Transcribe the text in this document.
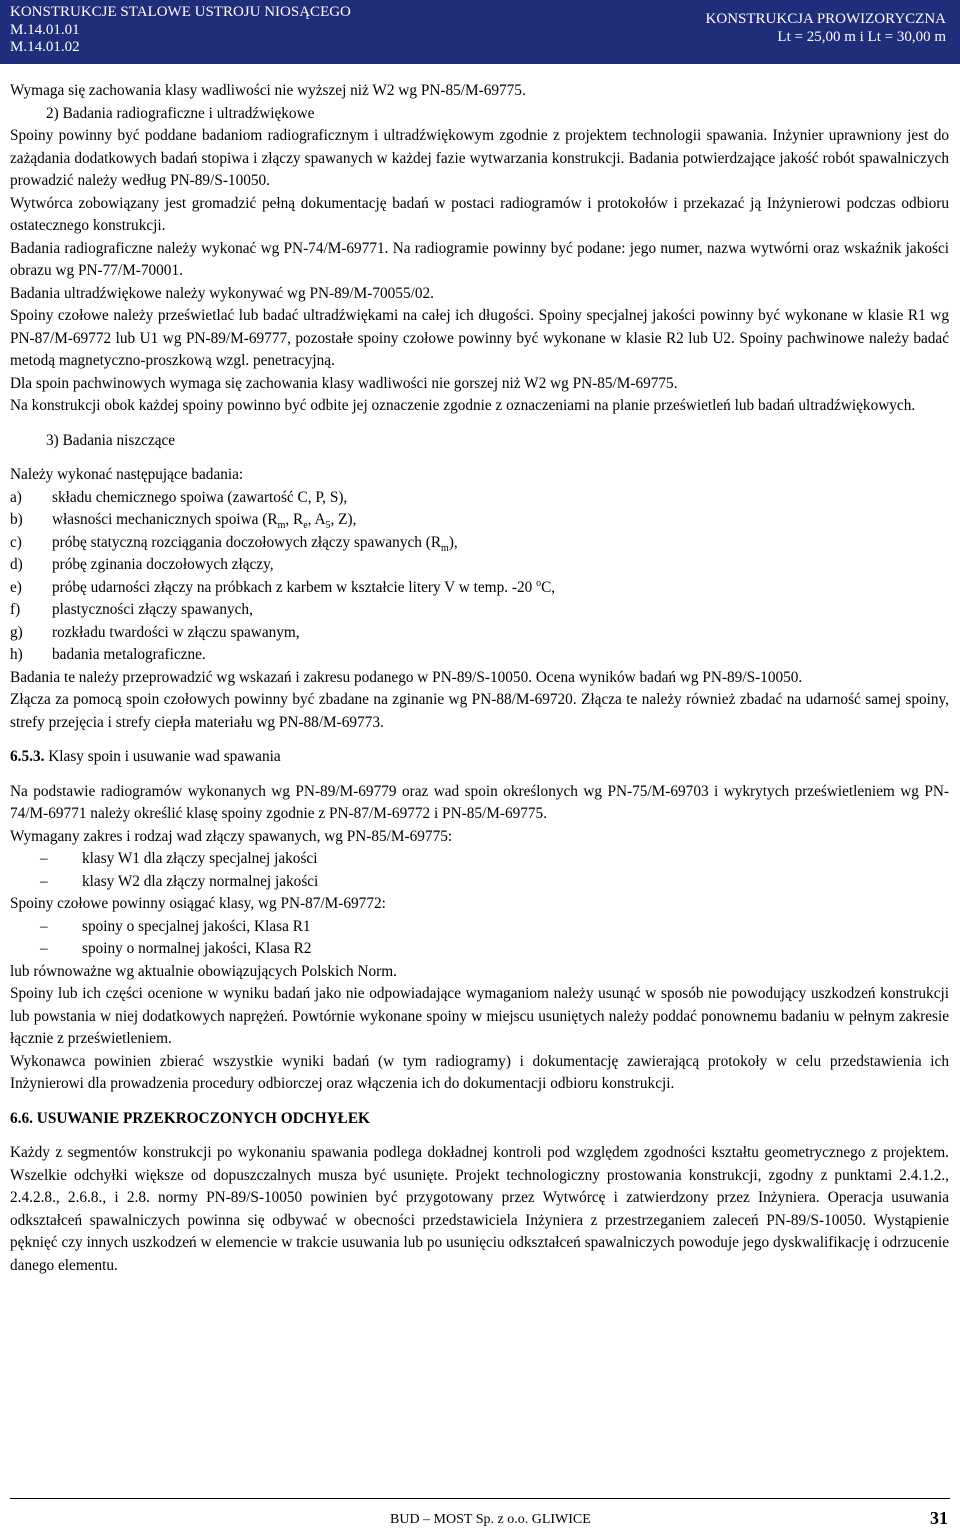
KONSTRUKCJE STALOWE USTROJU NIOSĄCEGO
M.14.01.01
M.14.01.02
KONSTRUKCJA PROWIZORYCZNA
Lt = 25,00 m i Lt = 30,00 m

Wymaga się zachowania klasy wadliwości nie wyższej niż W2 wg PN-85/M-69775.

2) Badania radiograficzne i ultradźwiękowe

Spoiny powinny być poddane badaniom radiograficznym i ultradźwiękowym zgodnie z projektem technologii spawania. Inżynier uprawniony jest do zażądania dodatkowych badań stopiwa i złączy spawanych w każdej fazie wytwarzania konstrukcji. Badania potwierdzające jakość robót spawalniczych prowadzić należy według PN-89/S-10050.

Wytwórca zobowiązany jest gromadzić pełną dokumentację badań w postaci radiogramów i protokołów i przekazać ją Inżynierowi podczas odbioru ostatecznego konstrukcji.

Badania radiograficzne należy wykonać wg PN-74/M-69771. Na radiogramie powinny być podane: jego numer, nazwa wytwórni oraz wskaźnik jakości obrazu wg PN-77/M-70001.

Badania ultradźwiękowe należy wykonywać wg PN-89/M-70055/02.

Spoiny czołowe należy prześwietlać lub badać ultradźwiękami na całej ich długości. Spoiny specjalnej jakości powinny być wykonane w klasie R1 wg PN-87/M-69772 lub U1 wg PN-89/M-69777, pozostałe spoiny czołowe powinny być wykonane w klasie R2 lub U2. Spoiny pachwinowe należy badać metodą magnetyczno-proszkową wzgl. penetracyjną.

Dla spoin pachwinowych wymaga się zachowania klasy wadliwości nie gorszej niż W2 wg PN-85/M-69775.

Na konstrukcji obok każdej spoiny powinno być odbite jej oznaczenie zgodnie z oznaczeniami na planie prześwietleń lub badań ultradźwiękowych.

3) Badania niszczące

Należy wykonać następujące badania:

a)	składu chemicznego spoiwa (zawartość C, P, S),
b)	własności mechanicznych spoiwa ($R_m$, $R_e$, $A_5$, Z),
c)	próbę statyczną rozciągania doczołowych złączy spawanych $(R_m)$,
d)	próbę zginania doczołowych złączy,
e)	próbę udarności złączy na próbkach z karbem w kształcie litery V w temp. -20 $^o$C,
f)	plastyczności złączy spawanych,
g)	rozkładu twardości w złączu spawanym,
h)	badania metalograficzne.

Badania te należy przeprowadzić wg wskazań i zakresu podanego w PN-89/S-10050. Ocena wyników badań wg PN-89/S-10050.

Złącza za pomocą spoin czołowych powinny być zbadane na zginanie wg PN-88/M-69720. Złącza te należy również zbadać na udarność samej spoiny, strefy przejęcia i strefy ciepła materiału wg PN-88/M-69773.

6.5.3. Klasy spoin i usuwanie wad spawania

Na podstawie radiogramów wykonanych wg PN-89/M-69779 oraz wad spoin określonych wg PN-75/M-69703 i wykrytych prześwietleniem wg PN-74/M-69771 należy określić klasę spoiny zgodnie z PN-87/M-69772 i PN-85/M-69775.

Wymagany zakres i rodzaj wad złączy spawanych, wg PN-85/M-69775:

–	klasy W1 dla złączy specjalnej jakości
–	klasy W2 dla złączy normalnej jakości

Spoiny czołowe powinny osiągać klasy, wg PN-87/M-69772:

–	spoiny o specjalnej jakości, Klasa R1
–	spoiny o normalnej jakości, Klasa R2

lub równoważne wg aktualnie obowiązujących Polskich Norm.

Spoiny lub ich części ocenione w wyniku badań jako nie odpowiadające wymaganiom należy usunąć w sposób nie powodujący uszkodzeń konstrukcji lub powstania w niej dodatkowych naprężeń. Powtórnie wykonane spoiny w miejscu usuniętych należy poddać ponownemu badaniu w pełnym zakresie łącznie z prześwietleniem.

Wykonawca powinien zbierać wszystkie wyniki badań (w tym radiogramy) i dokumentację zawierającą protokoły w celu przedstawienia ich Inżynierowi dla prowadzenia procedury odbiorczej oraz włączenia ich do dokumentacji odbioru konstrukcji.

6.6. USUWANIE PRZEKROCZONYCH ODCHYŁEK

Każdy z segmentów konstrukcji po wykonaniu spawania podlega dokładnej kontroli pod względem zgodności kształtu geometrycznego z projektem. Wszelkie odchyłki większe od dopuszczalnych musza być usunięte. Projekt technologiczny prostowania konstrukcji, zgodny z punktami 2.4.1.2., 2.4.2.8., 2.6.8., i 2.8. normy PN-89/S-10050 powinien być przygotowany przez Wytwórcę i zatwierdzony przez Inżyniera. Operacja usuwania odkształceń spawalniczych powinna się odbywać w obecności przedstawiciela Inżyniera z przestrzeganiem zaleceń PN-89/S-10050. Wystąpienie pęknięć czy innych uszkodzeń w elemencie w trakcie usuwania lub po usunięciu odkształceń spawalniczych powoduje jego dyskwalifikację i odrzucenie danego elementu.

BUD – MOST Sp. z o.o. GLIWICE	31
